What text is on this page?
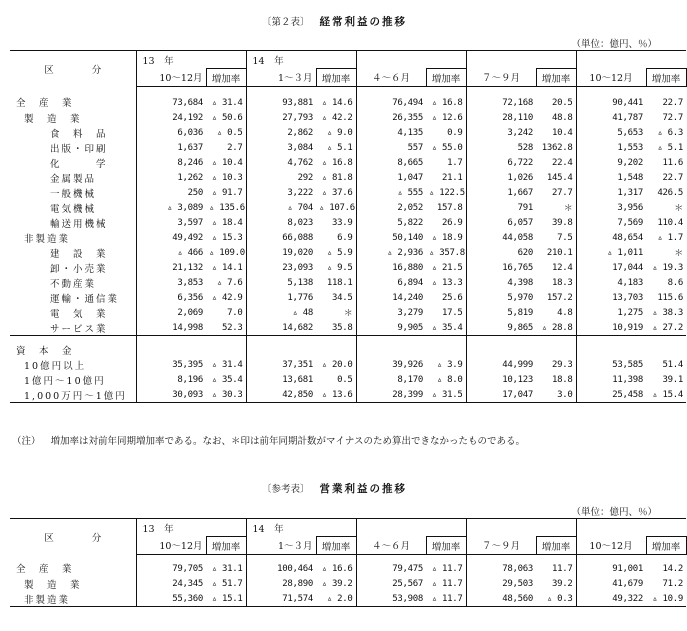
〔第２表〕 経常利益の推移
（単位：億円、％）
区　　　　分	13　年		14　年							
	10～12月	増加率	1～３月	増加率	４～６月	増加率	７～９月	増加率	10～12月	増加率
全　産　業	73,684	▵ 31.4	93,881	▵ 14.6	76,494	▵ 16.8	72,168	20.5	90,441	22.7
製　造　業	24,192	▵ 50.6	27,793	▵ 42.2	26,355	▵ 12.6	28,110	48.8	41,787	72.7
食　料　品	6,036	▵ 0.5	2,862	▵ 9.0	4,135	0.9	3,242	10.4	5,653	▵ 6.3
出版・印刷	1,637	2.7	3,084	▵ 5.1	557	▵ 55.0	528	1362.8	1,553	▵ 5.1
化　　　学	8,246	▵ 10.4	4,762	▵ 16.8	8,665	1.7	6,722	22.4	9,202	11.6
金属製品	1,262	▵ 10.3	292	▵ 81.8	1,047	21.1	1,026	145.4	1,548	22.7
一般機械	250	▵ 91.7	3,222	▵ 37.6	▵ 555	▵ 122.5	1,667	27.7	1,317	426.5
電気機械	▵ 3,089	▵ 135.6	▵ 704	▵ 107.6	2,052	157.8	791	＊	3,956	＊
輸送用機械	3,597	▵ 18.4	8,023	33.9	5,822	26.9	6,057	39.8	7,569	110.4
非製造業	49,492	▵ 15.3	66,088	6.9	50,140	▵ 18.9	44,058	7.5	48,654	▵ 1.7
建　設　業	▵ 466	▵ 109.0	19,020	▵ 5.9	▵ 2,936	▵ 357.8	620	210.1	▵ 1,011	＊
卸・小売業	21,132	▵ 14.1	23,093	▵ 9.5	16,880	▵ 21.5	16,765	12.4	17,044	▵ 19.3
不動産業	3,853	▵ 7.6	5,138	118.1	6,894	▵ 13.3	4,398	18.3	4,183	8.6
運輸・通信業	6,356	▵ 42.9	1,776	34.5	14,240	25.6	5,970	157.2	13,703	115.6
電　気　業	2,069	7.0	▵ 48	＊	3,279	17.5	5,819	4.8	1,275	▵ 38.3
サービス業	14,998	52.3	14,682	35.8	9,905	▵ 35.4	9,865	▵ 28.8	10,919	▵ 27.2
資　本　金										
10億円以上	35,395	▵ 31.4	37,351	▵ 20.0	39,926	▵ 3.9	44,999	29.3	53,585	51.4
1億円～10億円	8,196	▵ 35.4	13,681	0.5	8,170	▵ 8.0	10,123	18.8	11,398	39.1
1,000万円～1億円	30,093	▵ 30.3	42,850	▵ 13.6	28,399	▵ 31.5	17,047	3.0	25,458	▵ 15.4
（注） 増加率は対前年同期増加率である。なお、＊印は前年同期計数がマイナスのため算出できなかったものである。
〔参考表〕 営業利益の推移
（単位：億円、％）
区　　　　分	13　年		14　年							
	10～12月	増加率	1～３月	増加率	４～６月	増加率	７～９月	増加率	10～12月	増加率
全　産　業	79,705	▵ 31.1	100,464	▵ 16.6	79,475	▵ 11.7	78,063	11.7	91,001	14.2
製　造　業	24,345	▵ 51.7	28,890	▵ 39.2	25,567	▵ 11.7	29,503	39.2	41,679	71.2
非製造業	55,360	▵ 15.1	71,574	▵ 2.0	53,908	▵ 11.7	48,560	▵ 0.3	49,322	▵ 10.9
